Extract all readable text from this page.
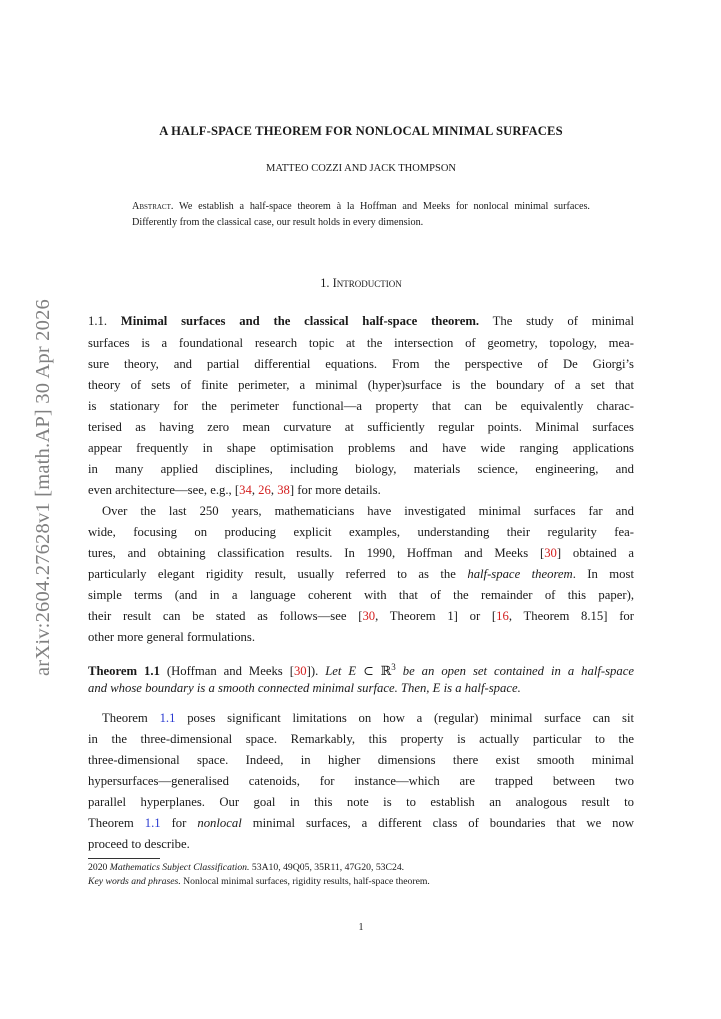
arXiv:2604.27628v1 [math.AP] 30 Apr 2026
A HALF-SPACE THEOREM FOR NONLOCAL MINIMAL SURFACES
MATTEO COZZI AND JACK THOMPSON
Abstract. We establish a half-space theorem à la Hoffman and Meeks for nonlocal minimal surfaces. Differently from the classical case, our result holds in every dimension.
1. Introduction
1.1. Minimal surfaces and the classical half-space theorem. The study of minimal
surfaces is a foundational research topic at the intersection of geometry, topology, mea-
sure theory, and partial differential equations. From the perspective of De Giorgi’s
theory of sets of finite perimeter, a minimal (hyper)surface is the boundary of a set that
is stationary for the perimeter functional—a property that can be equivalently charac-
terised as having zero mean curvature at sufficiently regular points. Minimal surfaces
appear frequently in shape optimisation problems and have wide ranging applications
in many applied disciplines, including biology, materials science, engineering, and
even architecture—see, e.g., [34, 26, 38] for more details.
Over the last 250 years, mathematicians have investigated minimal surfaces far and
wide, focusing on producing explicit examples, understanding their regularity fea-
tures, and obtaining classification results. In 1990, Hoffman and Meeks [30] obtained a
particularly elegant rigidity result, usually referred to as the half-space theorem. In most
simple terms (and in a language coherent with that of the remainder of this paper),
their result can be stated as follows—see [30, Theorem 1] or [16, Theorem 8.15] for
other more general formulations.
Theorem 1.1 (Hoffman and Meeks [30]). Let E ⊂ ℝ$^3$ be an open set contained in a half-space
and whose boundary is a smooth connected minimal surface. Then, E is a half-space.
Theorem 1.1 poses significant limitations on how a (regular) minimal surface can sit
in the three-dimensional space. Remarkably, this property is actually particular to the
three-dimensional space. Indeed, in higher dimensions there exist smooth minimal
hypersurfaces—generalised catenoids, for instance—which are trapped between two
parallel hyperplanes. Our goal in this note is to establish an analogous result to
Theorem 1.1 for nonlocal minimal surfaces, a different class of boundaries that we now
proceed to describe.
2020 Mathematics Subject Classification. 53A10, 49Q05, 35R11, 47G20, 53C24.
Key words and phrases. Nonlocal minimal surfaces, rigidity results, half-space theorem.
1
